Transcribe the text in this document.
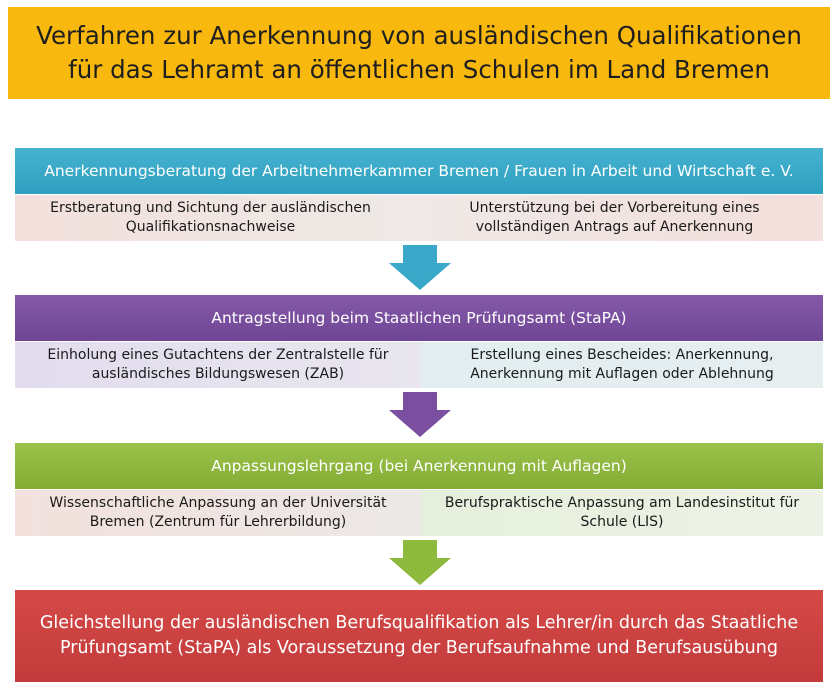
Verfahren zur Anerkennung von ausländischen Qualifikationen
für das Lehramt an öffentlichen Schulen im Land Bremen
Anerkennungsberatung der Arbeitnehmerkammer Bremen / Frauen in Arbeit und Wirtschaft e. V.
Erstberatung und Sichtung der ausländischen
Qualifikationsnachweise
Unterstützung bei der Vorbereitung eines
vollständigen Antrags auf Anerkennung
Antragstellung beim Staatlichen Prüfungsamt (StaPA)
Einholung eines Gutachtens der Zentralstelle für
ausländisches Bildungswesen (ZAB)
Erstellung eines Bescheides: Anerkennung,
Anerkennung mit Auflagen oder Ablehnung
Anpassungslehrgang (bei Anerkennung mit Auflagen)
Wissenschaftliche Anpassung an der Universität
Bremen (Zentrum für Lehrerbildung)
Berufspraktische Anpassung am Landesinstitut für
Schule (LIS)
Gleichstellung der ausländischen Berufsqualifikation als Lehrer/in durch das Staatliche
Prüfungsamt (StaPA) als Voraussetzung der Berufsaufnahme und Berufsausübung
